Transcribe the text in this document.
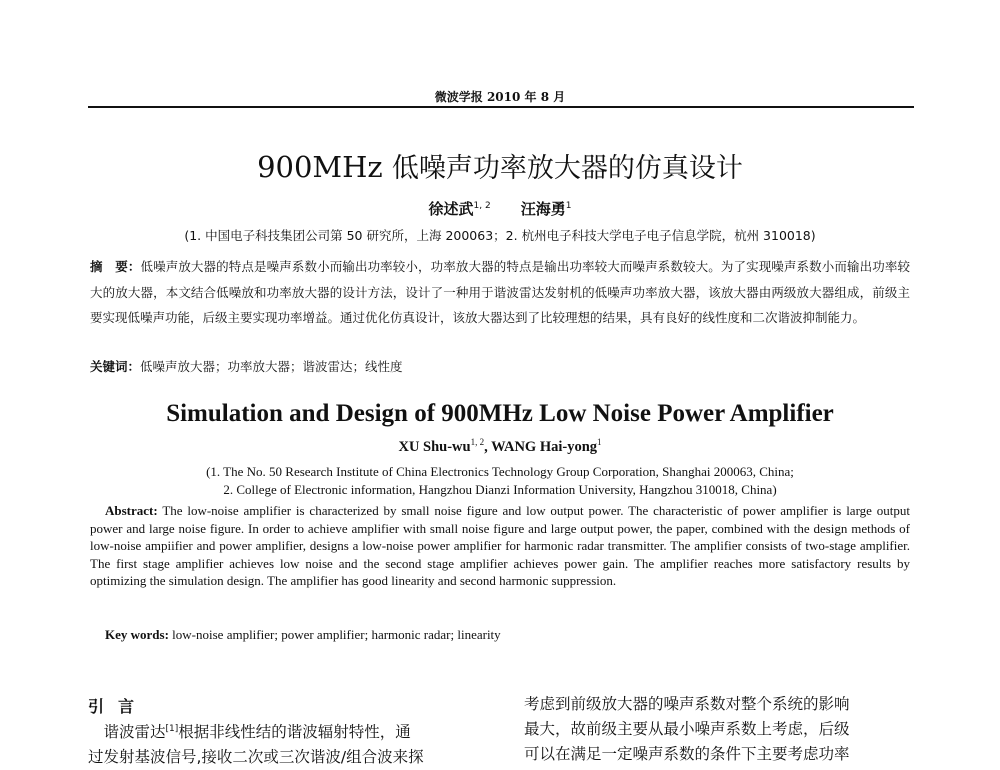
微波学报 2010 年 8 月
900MHz 低噪声功率放大器的仿真设计
徐述武$^{1, 2}$　　 汪海勇$^1$
(1. 中国电子科技集团公司第 50 研究所，上海 200063；2. 杭州电子科技大学电子电子信息学院，杭州 310018)
摘　要：低噪声放大器的特点是噪声系数小而输出功率较小，功率放大器的特点是输出功率较大而噪声系数较大。为了实现噪声系数小而输出功率较大的放大器，本文结合低噪放和功率放大器的设计方法，设计了一种用于谐波雷达发射机的低噪声功率放大器，该放大器由两级放大器组成，前级主要实现低噪声功能，后级主要实现功率增益。通过优化仿真设计，该放大器达到了比较理想的结果，具有良好的线性度和二次谐波抑制能力。
关键词：低噪声放大器；功率放大器；谐波雷达；线性度
Simulation and Design of 900MHz Low Noise Power Amplifier
XU Shu-wu$^{1, 2}$, WANG Hai-yong$^1$
(1. The No. 50 Research Institute of China Electronics Technology Group Corporation, Shanghai 200063, China;
2. College of Electronic information, Hangzhou Dianzi Information University, Hangzhou 310018, China)
Abstract: The low-noise amplifier is characterized by small noise figure and low output power. The characteristic of power amplifier is large output power and large noise figure. In order to achieve amplifier with small noise figure and large output power, the paper, combined with the design methods of low-noise ampiifier and power amplifier, designs a low-noise power amplifier for harmonic radar transmitter. The amplifier consists of two-stage amplifier. The first stage amplifier achieves low noise and the second stage amplifier achieves power gain. The amplifier reaches more satisfactory results by optimizing the simulation design. The amplifier has good linearity and second harmonic suppression.
Key words: low-noise amplifier; power amplifier; harmonic radar; linearity
引言
　谐波雷达[1]根据非线性结的谐波辐射特性，通
过发射基波信号,接收二次或三次谐波/组合波来探
考虑到前级放大器的噪声系数对整个系统的影响
最大，故前级主要从最小噪声系数上考虑，后级
可以在满足一定噪声系数的条件下主要考虑功率
